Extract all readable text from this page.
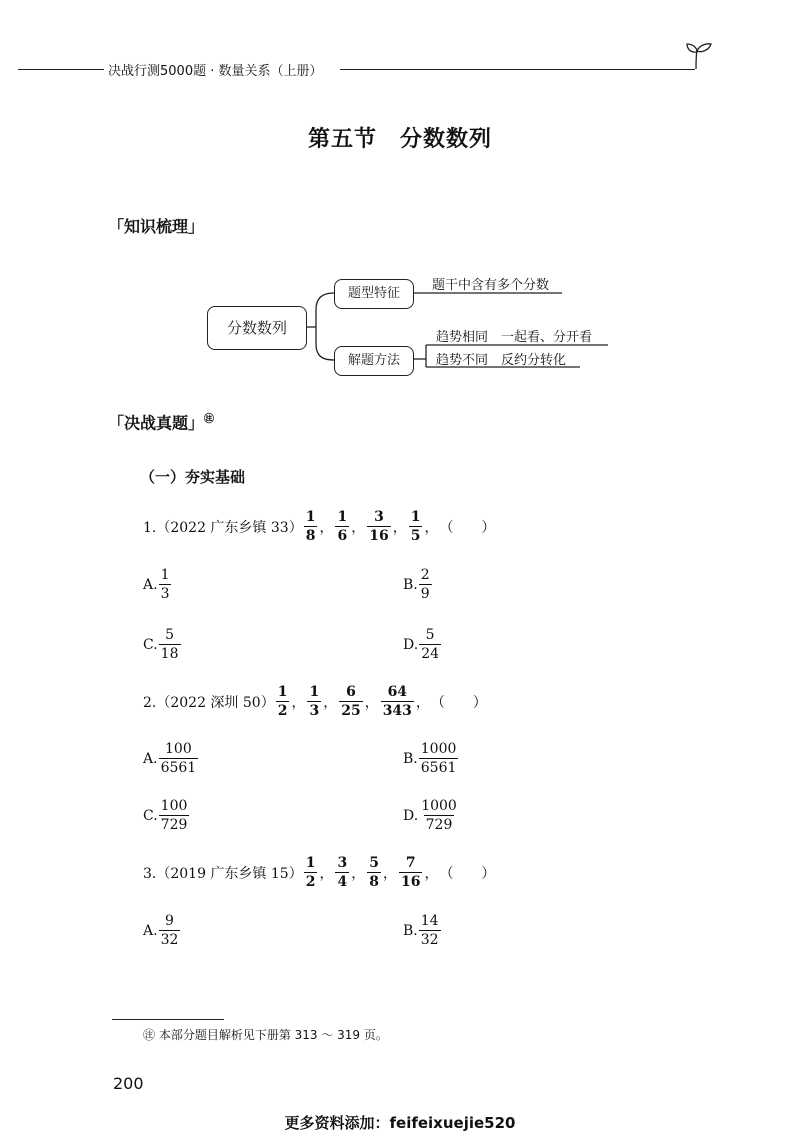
决战行测5000题 · 数量关系（上册）
第五节　分数数列
「知识梳理」
分数数列
题型特征
解题方法
题干中含有多个分数
趋势相同　 一起看、分开看
趋势不同　 反约分转化
「决战真题」㊟
（一）夯实基础
1.（2022 广东乡镇 $33) \frac{1}{8}$ ， $\frac{1}{6}$ ， $\frac{3}{16}$ ， $\frac{1}{5}$ ， （　　）
A. $\frac{1}{3}$	B. $\frac{2}{9}$
C. $\frac{5}{18}$	D. $\frac{5}{24}$
2.（2022 深圳 $50) \frac{1}{2}$ ， $\frac{1}{3}$ ， $\frac{6}{25}$ ， $\frac{64}{343}$ ， （　　）
A. $\frac{100}{6561}$	B. $\frac{1000}{6561}$
C. $\frac{100}{729}$	D. $\frac{1000}{729}$
3.（2019 广东乡镇 $15) \frac{1}{2}$ ， $\frac{3}{4}$ ， $\frac{5}{8}$ ， $\frac{7}{16}$ ， （　　）
A. $\frac{9}{32}$	B. $\frac{14}{32}$
㊟ 本部分题目解析见下册第 313 ～ 319 页。
200
更多资料添加：feifeixuejie520
